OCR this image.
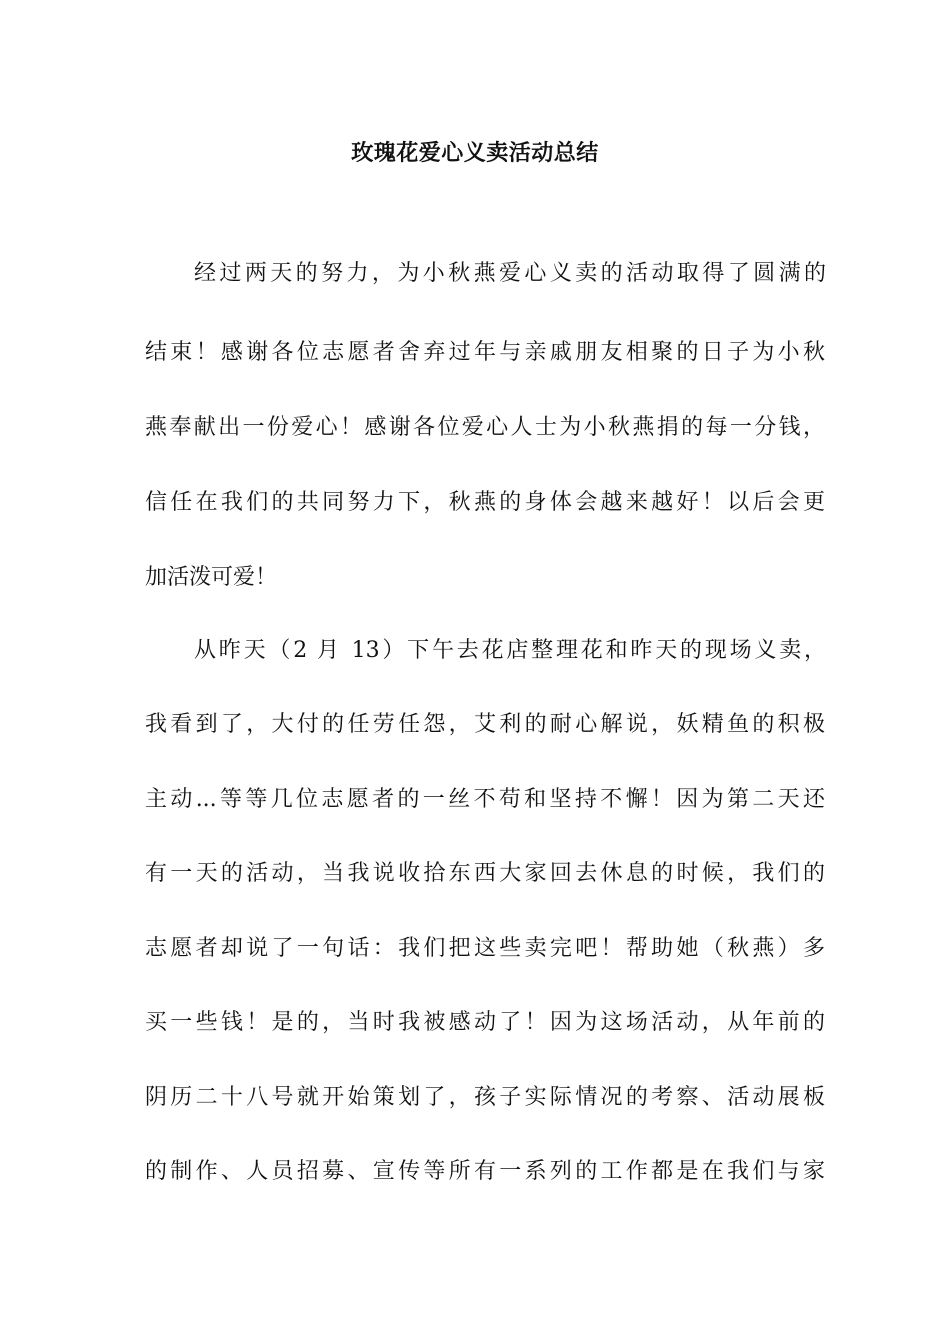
玫瑰花爱心义卖活动总结
经过两天的努力，为小秋燕爱心义卖的活动取得了圆满的
结束！感谢各位志愿者舍弃过年与亲戚朋友相聚的日子为小秋
燕奉献出一份爱心！感谢各位爱心人士为小秋燕捐的每一分钱，
信任在我们的共同努力下，秋燕的身体会越来越好！以后会更
加活泼可爱！
从昨天（2 月 13）下午去花店整理花和昨天的现场义卖，
我看到了，大付的任劳任怨，艾利的耐心解说，妖精鱼的积极
主动...等等几位志愿者的一丝不苟和坚持不懈！因为第二天还
有一天的活动，当我说收拾东西大家回去休息的时候，我们的
志愿者却说了一句话：我们把这些卖完吧！帮助她（秋燕）多
买一些钱！是的，当时我被感动了！因为这场活动，从年前的
阴历二十八号就开始策划了，孩子实际情况的考察、活动展板
的制作、人员招募、宣传等所有一系列的工作都是在我们与家
